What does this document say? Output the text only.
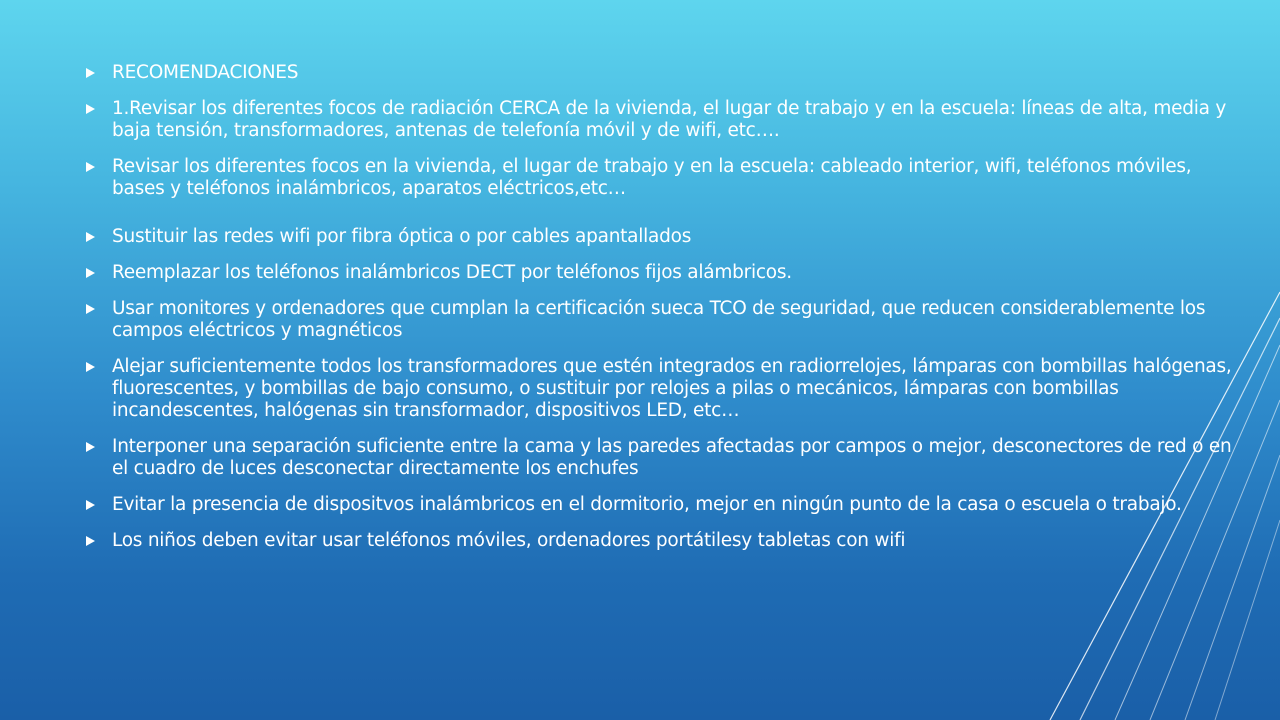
RECOMENDACIONES
1.Revisar los diferentes focos de radiación CERCA de la vivienda, el lugar de trabajo y en la escuela: líneas de alta, media y baja tensión, transformadores, antenas de telefonía móvil y de wifi, etc….
Revisar los diferentes focos en la vivienda, el lugar de trabajo y en la escuela: cableado interior, wifi, teléfonos móviles, bases y teléfonos inalámbricos, aparatos eléctricos,etc…
Sustituir las redes wifi por fibra óptica o por cables apantallados
Reemplazar los teléfonos inalámbricos DECT por teléfonos fijos alámbricos.
Usar monitores y ordenadores que cumplan la certificación sueca TCO de seguridad, que reducen considerablemente los campos eléctricos y magnéticos
Alejar suficientemente todos los transformadores que estén integrados en radiorrelojes, lámparas con bombillas halógenas, fluorescentes, y bombillas de bajo consumo, o sustituir por relojes a pilas o mecánicos, lámparas con bombillas incandescentes, halógenas sin transformador, dispositivos LED, etc…
Interponer una separación suficiente entre la cama y las paredes afectadas por campos o mejor, desconectores de red o en el cuadro de luces desconectar directamente los enchufes
Evitar la presencia de dispositvos inalámbricos en el dormitorio, mejor en ningún punto de la casa o escuela o trabajo.
Los niños deben evitar usar teléfonos móviles, ordenadores portátilesy tabletas con wifi
